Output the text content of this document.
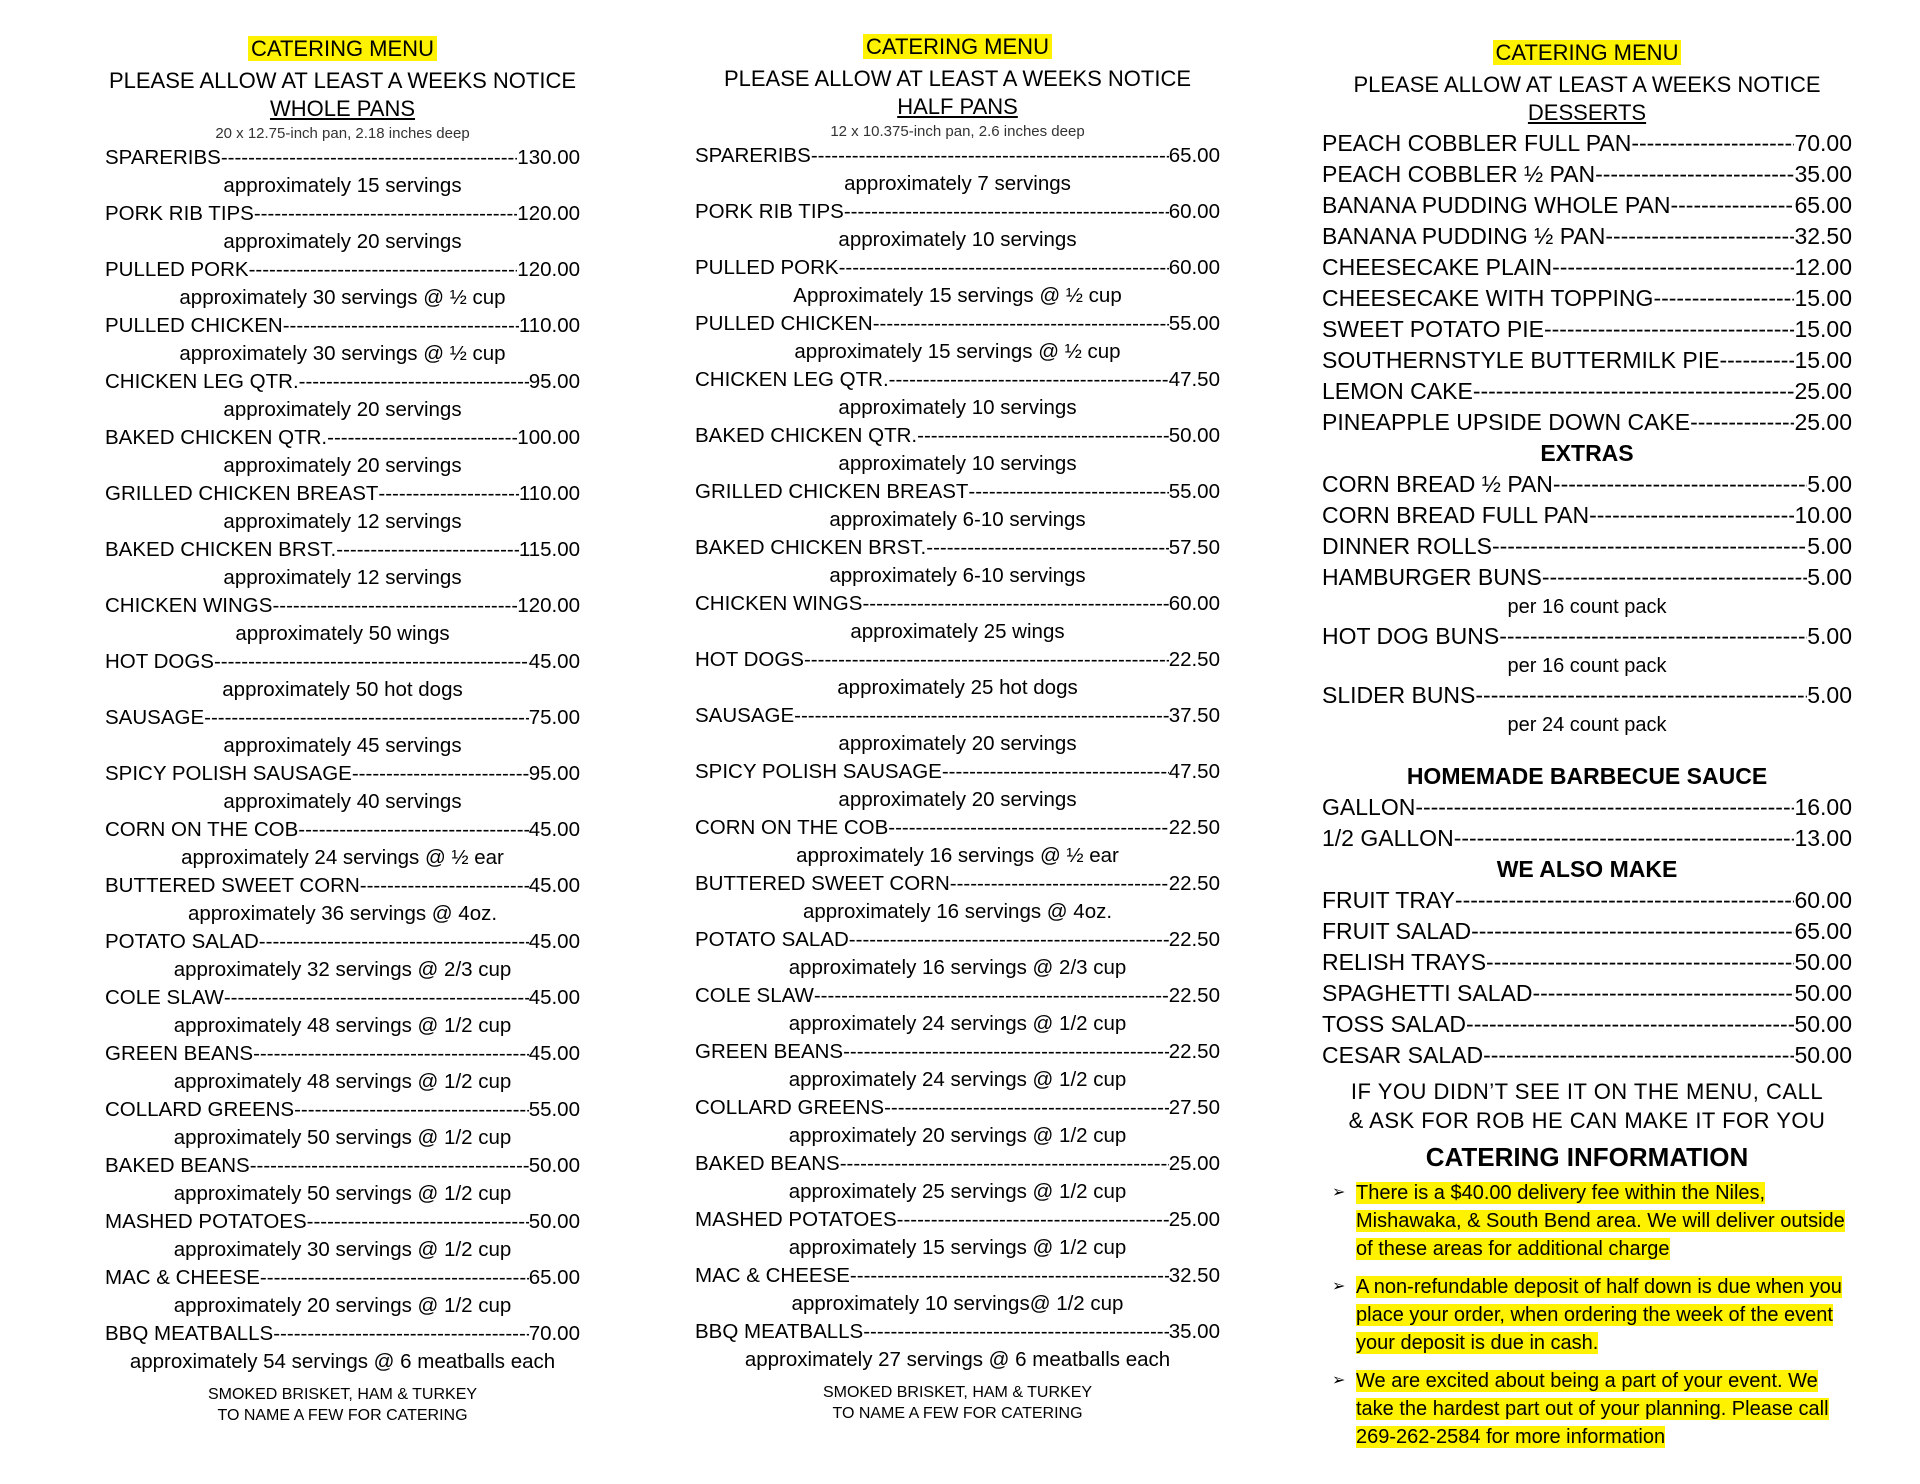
CATERING MENU
PLEASE ALLOW AT LEAST A WEEKS NOTICE
WHOLE PANS
20 x 12.75-inch pan, 2.18 inches deep
SPARERIBS -----	130.00
approximately 15 servings
PORK RIB TIPS -----	120.00
approximately 20 servings
PULLED PORK -----	120.00
approximately 30 servings @ ½ cup
PULLED CHICKEN -----	110.00
approximately 30 servings @ ½ cup
CHICKEN LEG QTR. -----	95.00
approximately 20 servings
BAKED CHICKEN QTR. -----	100.00
approximately 20 servings
GRILLED CHICKEN BREAST -----	110.00
approximately 12 servings
BAKED CHICKEN BRST. -----	115.00
approximately 12 servings
CHICKEN WINGS -----	120.00
approximately 50 wings
HOT DOGS -----	45.00
approximately 50 hot dogs
SAUSAGE -----	75.00
approximately 45 servings
SPICY POLISH SAUSAGE -----	95.00
approximately 40 servings
CORN ON THE COB -----	45.00
approximately 24 servings @ ½ ear
BUTTERED SWEET CORN -----	45.00
approximately 36 servings @ 4oz.
POTATO SALAD -----	45.00
approximately 32 servings @ 2/3 cup
COLE SLAW -----	45.00
approximately 48 servings @ 1/2 cup
GREEN BEANS -----	45.00
approximately 48 servings @ 1/2 cup
COLLARD GREENS -----	55.00
approximately 50 servings @ 1/2 cup
BAKED BEANS -----	50.00
approximately 50 servings @ 1/2 cup
MASHED POTATOES -----	50.00
approximately 30 servings @ 1/2 cup
MAC & CHEESE -----	65.00
approximately 20 servings @ 1/2 cup
BBQ MEATBALLS -----	70.00
approximately 54 servings @ 6 meatballs each
SMOKED BRISKET, HAM & TURKEY
TO NAME A FEW FOR CATERING
CATERING MENU
PLEASE ALLOW AT LEAST A WEEKS NOTICE
HALF PANS
12 x 10.375-inch pan, 2.6 inches deep
SPARERIBS -----	65.00
approximately 7 servings
PORK RIB TIPS -----	60.00
approximately 10 servings
PULLED PORK -----	60.00
Approximately 15 servings @ ½ cup
PULLED CHICKEN -----	55.00
approximately 15 servings @ ½ cup
CHICKEN LEG QTR. -----	47.50
approximately 10 servings
BAKED CHICKEN QTR. -----	50.00
approximately 10 servings
GRILLED CHICKEN BREAST -----	55.00
approximately 6-10 servings
BAKED CHICKEN BRST. -----	57.50
approximately 6-10 servings
CHICKEN WINGS -----	60.00
approximately 25 wings
HOT DOGS -----	22.50
approximately 25 hot dogs
SAUSAGE -----	37.50
approximately 20 servings
SPICY POLISH SAUSAGE -----	47.50
approximately 20 servings
CORN ON THE COB -----	22.50
approximately 16 servings @ ½ ear
BUTTERED SWEET CORN -----	22.50
approximately 16 servings @ 4oz.
POTATO SALAD -----	22.50
approximately 16 servings @ 2/3 cup
COLE SLAW -----	22.50
approximately 24 servings @ 1/2 cup
GREEN BEANS -----	22.50
approximately 24 servings @ 1/2 cup
COLLARD GREENS -----	27.50
approximately 20 servings @ 1/2 cup
BAKED BEANS -----	25.00
approximately 25 servings @ 1/2 cup
MASHED POTATOES -----	25.00
approximately 15 servings @ 1/2 cup
MAC & CHEESE -----	32.50
approximately 10 servings@ 1/2 cup
BBQ MEATBALLS -----	35.00
approximately 27 servings @ 6 meatballs each
SMOKED BRISKET, HAM & TURKEY
TO NAME A FEW FOR CATERING
CATERING MENU
PLEASE ALLOW AT LEAST A WEEKS NOTICE
DESSERTS
PEACH COBBLER FULL PAN -----	70.00
PEACH COBBLER ½ PAN -----	35.00
BANANA PUDDING WHOLE PAN -----	65.00
BANANA PUDDING ½ PAN -----	32.50
CHEESECAKE PLAIN -----	12.00
CHEESECAKE WITH TOPPING -----	15.00
SWEET POTATO PIE -----	15.00
SOUTHERNSTYLE BUTTERMILK PIE -----	15.00
LEMON CAKE -----	25.00
PINEAPPLE UPSIDE DOWN CAKE -----	25.00
EXTRAS
CORN BREAD ½ PAN -----	5.00
CORN BREAD FULL PAN -----	10.00
DINNER ROLLS -----	5.00
HAMBURGER BUNS -----	5.00
per 16 count pack
HOT DOG BUNS -----	5.00
per 16 count pack
SLIDER BUNS -----	5.00
per 24 count pack
HOMEMADE BARBECUE SAUCE
GALLON -----	16.00
1/2 GALLON -----	13.00
WE ALSO MAKE
FRUIT TRAY -----	60.00
FRUIT SALAD -----	65.00
RELISH TRAYS -----	50.00
SPAGHETTI SALAD -----	50.00
TOSS SALAD -----	50.00
CESAR SALAD -----	50.00
IF YOU DIDN’T SEE IT ON THE MENU, CALL
& ASK FOR ROB HE CAN MAKE IT FOR YOU
CATERING INFORMATION
➢ There is a $40.00 delivery fee within the Niles, Mishawaka, & South Bend area. We will deliver outside of these areas for additional charge
➢ A non-refundable deposit of half down is due when you place your order, when ordering the week of the event your deposit is due in cash.
➢ We are excited about being a part of your event. We take the hardest part out of your planning. Please call 269-262-2584 for more information
